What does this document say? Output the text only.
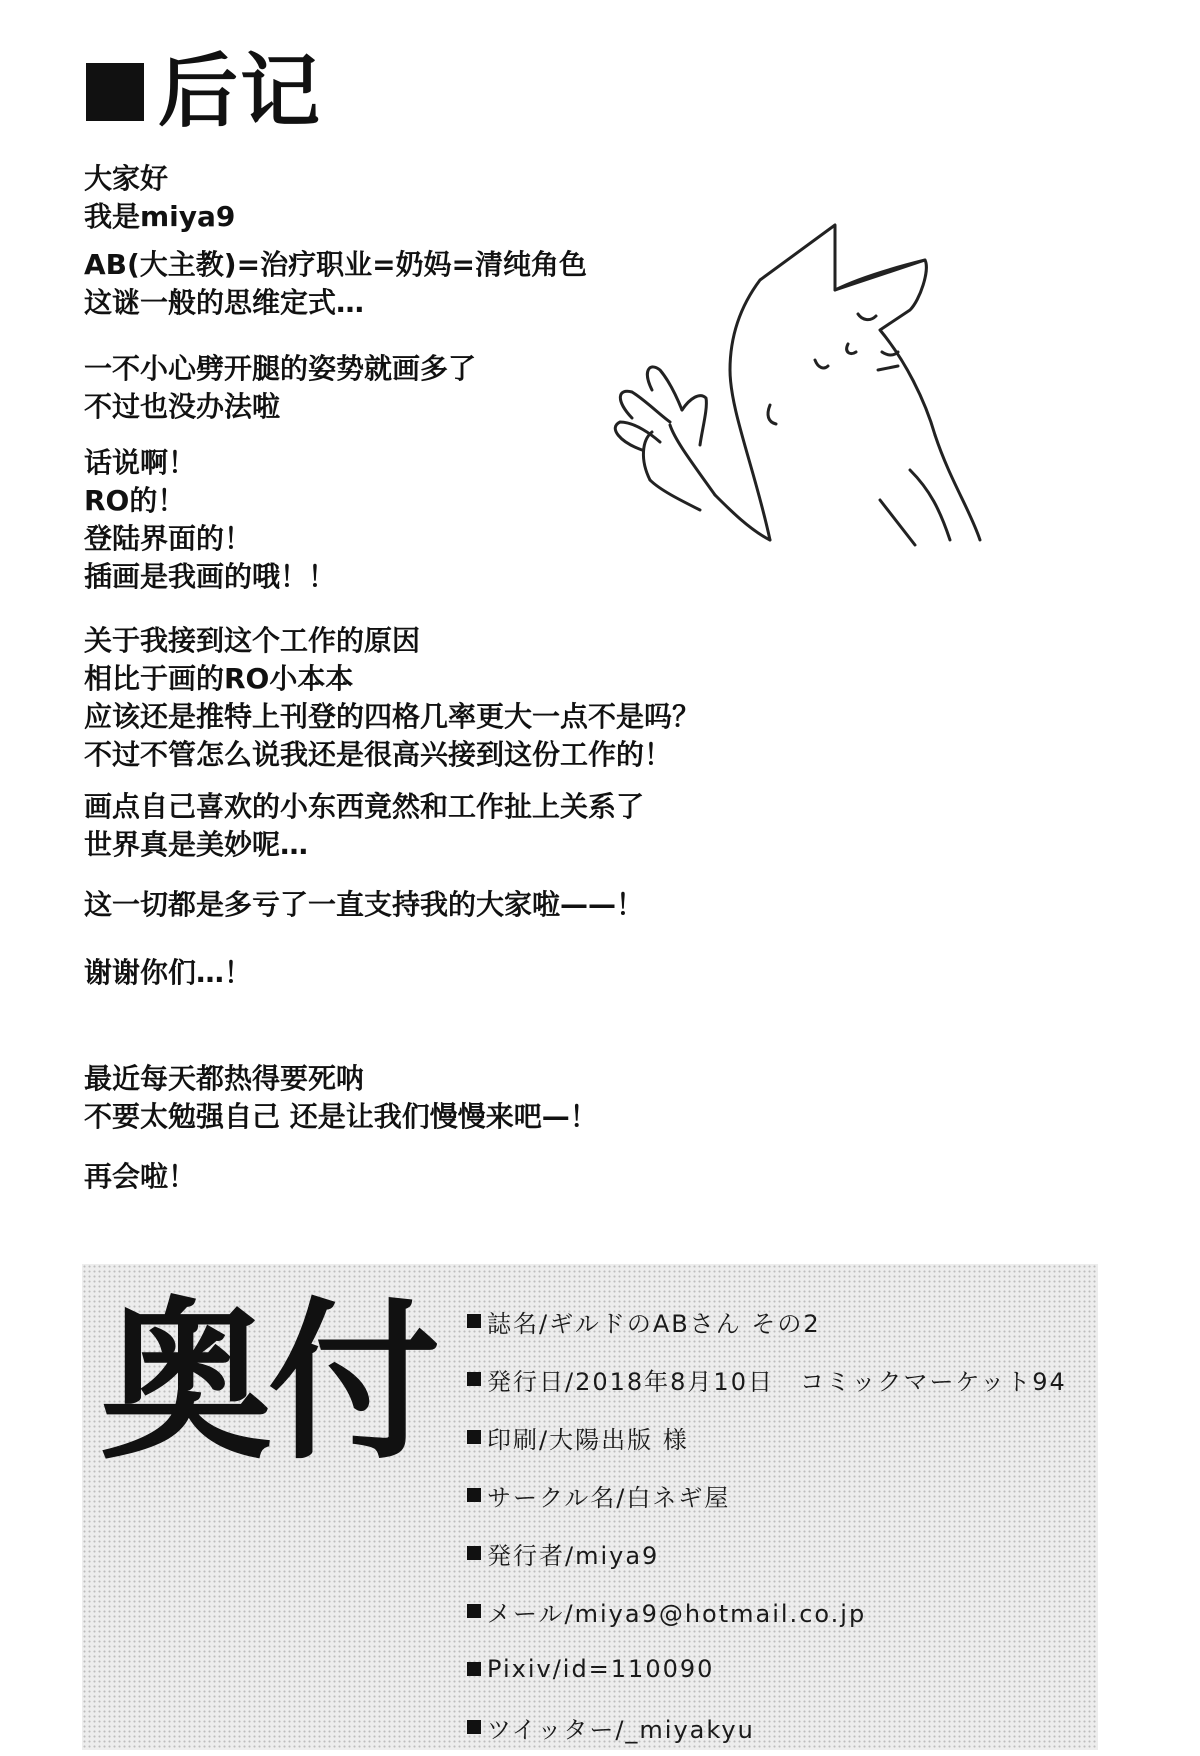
后记

大家好
我是miya9

AB(大主教)=治疗职业=奶妈=清纯角色
这谜一般的思维定式…

一不小心劈开腿的姿势就画多了
不过也没办法啦

话说啊！
RO的！
登陆界面的！
插画是我画的哦！！

关于我接到这个工作的原因
相比于画的RO小本本
应该还是推特上刊登的四格几率更大一点不是吗？
不过不管怎么说我还是很高兴接到这份工作的！

画点自己喜欢的小东西竟然和工作扯上关系了
世界真是美妙呢…

这一切都是多亏了一直支持我的大家啦——！

谢谢你们…！

最近每天都热得要死呐
不要太勉强自己 还是让我们慢慢来吧—！

再会啦！

奥付 誌名/ギルドのABさん その2
発行日/2018年8月10日　コミックマーケット94
印刷/大陽出版 様
サークル名/白ネギ屋
発行者/miya9
メール/miya9@hotmail.co.jp
Pixiv/id=110090
ツイッター/_miyakyu
